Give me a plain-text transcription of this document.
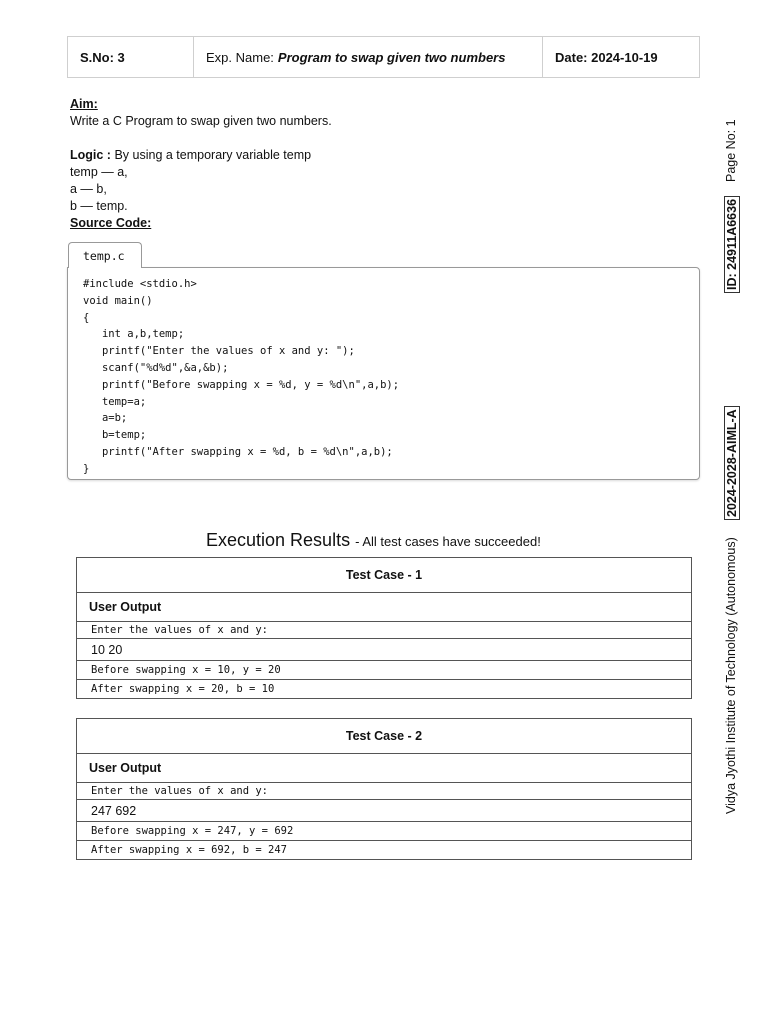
S.No: 3	Exp. Name: Program to swap given two numbers	Date: 2024-10-19
Aim:
Write a C Program to swap given two numbers.
Logic : By using a temporary variable temp
temp — a,
a — b,
b — temp.
Source Code:
temp.c
#include <stdio.h>
void main()
{
int a,b,temp;
printf("Enter the values of x and y: ");
scanf("%d%d",&a,&b);
printf("Before swapping x = %d, y = %d\n",a,b);
temp=a;
a=b;
b=temp;
printf("After swapping x = %d, b = %d\n",a,b);
}
Execution Results - All test cases have succeeded!
Test Case - 1
User Output
Enter the values of x and y:
10 20
Before swapping x = 10, y = 20
After swapping x = 20, b = 10
Test Case - 2
User Output
Enter the values of x and y:
247 692
Before swapping x = 247, y = 692
After swapping x = 692, b = 247
Page No: 1
ID: 24911A6636
2024-2028-AIML-A
Vidya Jyothi Institute of Technology (Autonomous)
